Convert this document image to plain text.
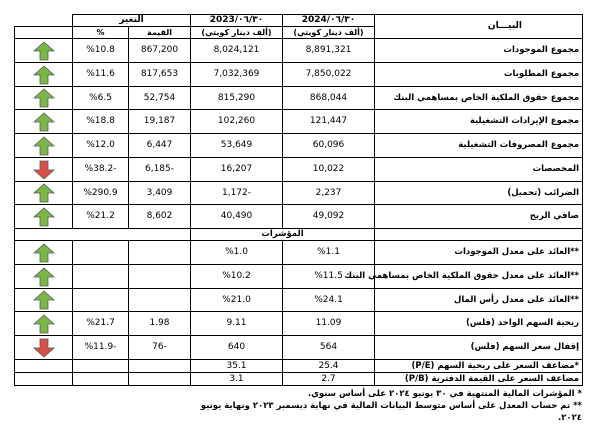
	التغير		2023/٠٦/٣٠	2024/٠٦/٣٠	البيـــان
	%	القيمة	(ألف دينار كويتي)	(ألف دينار كويتي)	

	%10.8	867,200	8,024,121	8,891,321	مجموع الموجودات

	%11.6	817,653	7,032,369	7,850,022	مجموع المطلوبات

	%6.5	52,754	815,290	868,044	مجموع حقوق الملكية الخاص بمساهمي البنك

	%18.8	19,187	102,260	121,447	مجموع الإيرادات التشغيلية

	%12.0	6,447	53,649	60,096	مجموع المصروفات التشغيلية

	%38.2-	6,185-	16,207	10,022	المخصصات

	%290.9	3,409	1,172-	2,237	الضرائب (تحميل)

	%21.2	8,602	40,490	49,092	صافي الربح
			المؤشرات		

			%1.0	%1.1	**العائد على معدل الموجودات

			%10.2	%11.5	**العائد على معدل حقوق الملكية الخاص بمساهمي البنك

			%21.0	%24.1	**العائد على معدل رأس المال

	%21.7	1.98	9.11	11.09	ربحية السهم الواحد (فلس)

	%11.9-	76-	640	564	إقفال سعر السهم (فلس)
			35.1	25.4	*مضاعف السعر على ربحية السهم (P/E)
			3.1	2.7	مضاعف السعر على القيمة الدفترية (P/B)
* المؤشرات المالية المنتهية في ٣٠ يونيو ٢٠٢٤ على أساس سنوي.
** تم حساب المعدل على أساس متوسط البيانات المالية في نهاية ديسمبر ٢٠٢٣ ونهاية يونيو ٢٠٢٤.
